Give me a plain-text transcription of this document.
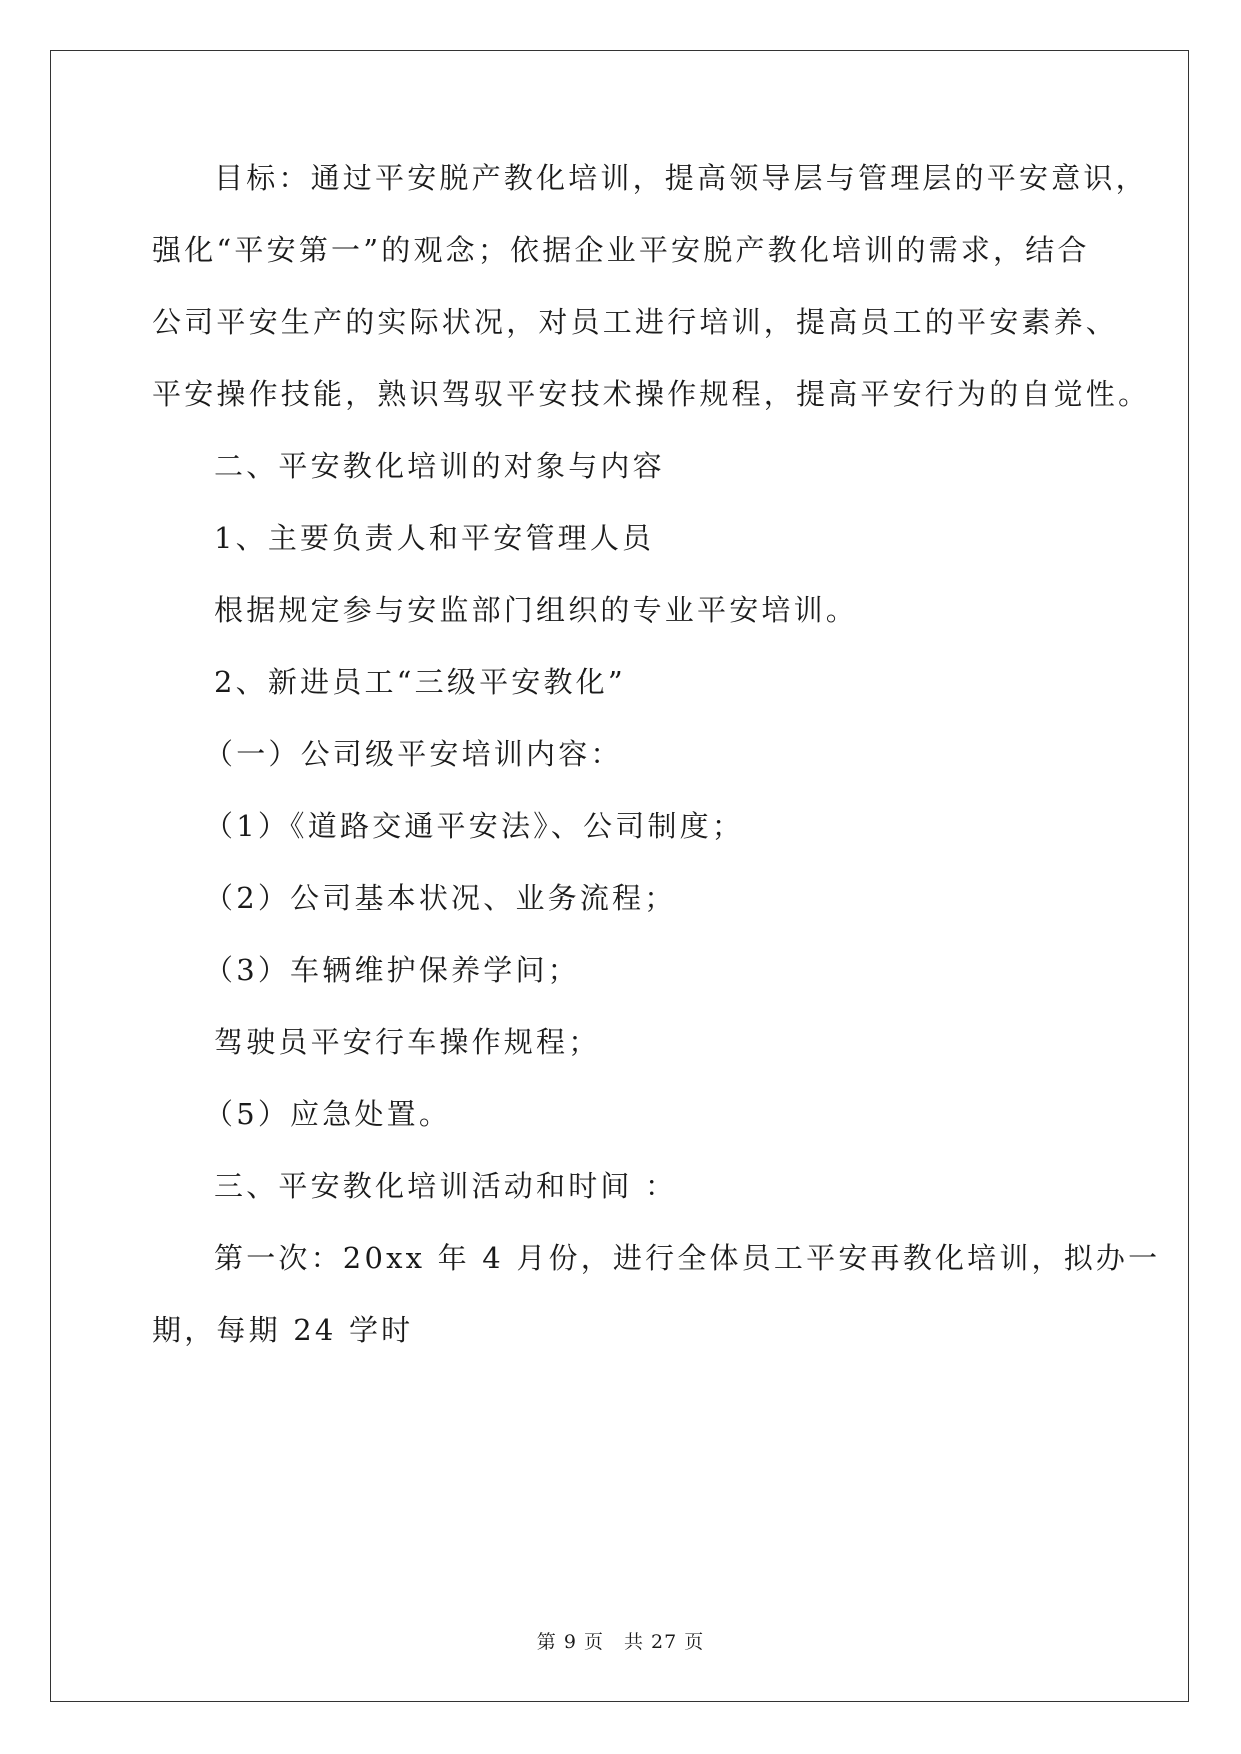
目标：通过平安脱产教化培训，提高领导层与管理层的平安意识，
强化“平安第一”的观念；依据企业平安脱产教化培训的需求，结合
公司平安生产的实际状况，对员工进行培训，提高员工的平安素养、
平安操作技能，熟识驾驭平安技术操作规程，提高平安行为的自觉性。
二、平安教化培训的对象与内容
1、主要负责人和平安管理人员
根据规定参与安监部门组织的专业平安培训。
2、新进员工“三级平安教化”
（一）公司级平安培训内容：
（1）《道路交通平安法》、公司制度；
（2）公司基本状况、业务流程；
（3）车辆维护保养学问；
驾驶员平安行车操作规程；
（5）应急处置。
三、平安教化培训活动和时间 ：
第一次：20xx 年 4 月份，进行全体员工平安再教化培训，拟办一
期，每期 24 学时
第 9 页　共 27 页
